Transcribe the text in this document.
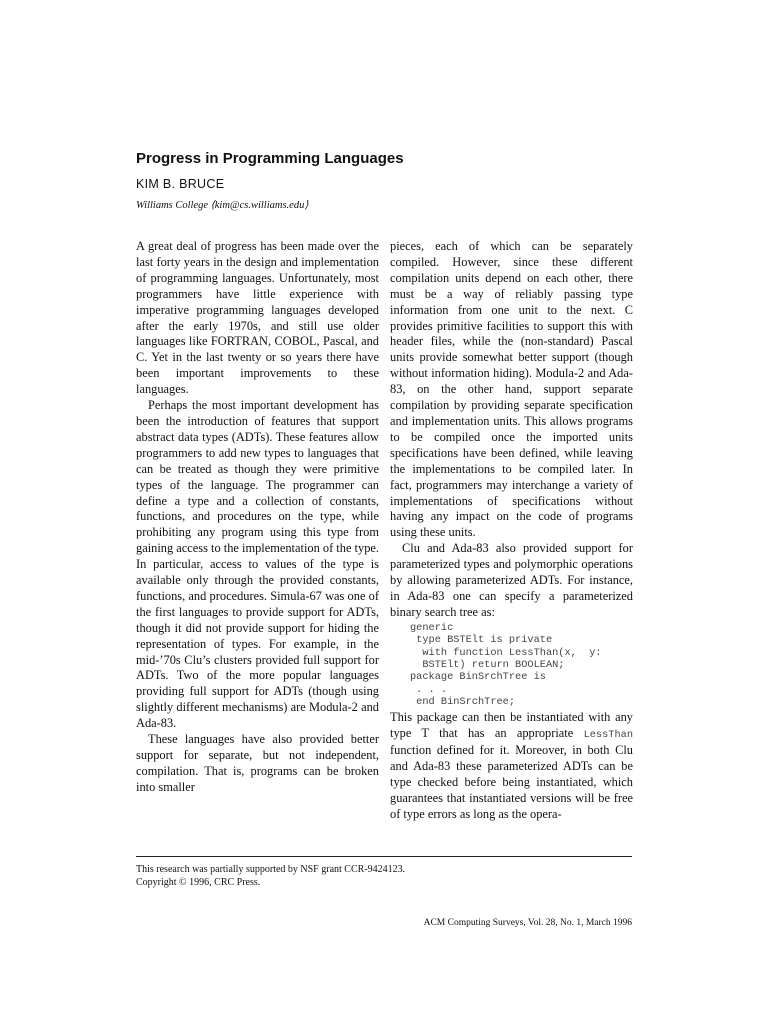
Progress in Programming Languages
KIM B. BRUCE
Williams College ⟨kim@cs.williams.edu⟩

A great deal of progress has been made over the last forty years in the design and implementation of programming languages. Unfortunately, most programmers have little experience with imperative programming languages developed after the early 1970s, and still use older languages like FORTRAN, COBOL, Pascal, and C. Yet in the last twenty or so years there have been important improvements to these languages.

Perhaps the most important development has been the introduction of features that support abstract data types (ADTs). These features allow programmers to add new types to languages that can be treated as though they were primitive types of the language. The programmer can define a type and a collection of constants, functions, and procedures on the type, while prohibiting any program using this type from gaining access to the implementation of the type. In particular, access to values of the type is available only through the provided constants, functions, and procedures. Simula-67 was one of the first languages to provide support for ADTs, though it did not provide support for hiding the representation of types. For example, in the mid-’70s Clu’s clusters provided full support for ADTs. Two of the more popular languages providing full support for ADTs (though using slightly different mechanisms) are Modula-2 and Ada-83.

These languages have also provided better support for separate, but not independent, compilation. That is, programs can be broken into smaller

pieces, each of which can be separately compiled. However, since these different compilation units depend on each other, there must be a way of reliably passing type information from one unit to the next. C provides primitive facilities to support this with header files, while the (non-standard) Pascal units provide somewhat better support (though without information hiding). Modula-2 and Ada-83, on the other hand, support separate compilation by providing separate specification and implementation units. This allows programs to be compiled once the imported units specifications have been defined, while leaving the implementations to be compiled later. In fact, programmers may interchange a variety of implementations of specifications without having any impact on the code of programs using these units.

Clu and Ada-83 also provided support for parameterized types and polymorphic operations by allowing parameterized ADTs. For instance, in Ada-83 one can specify a parameterized binary search tree as:

generic
type BSTElt is private
with function LessThan(x,  y:
BSTElt) return BOOLEAN;
package BinSrchTree is
. . .
end BinSrchTree;

This package can then be instantiated with any type T that has an appropriate LessThan function defined for it. Moreover, in both Clu and Ada-83 these parameterized ADTs can be type checked before being instantiated, which guarantees that instantiated versions will be free of type errors as long as the opera-

This research was partially supported by NSF grant CCR-9424123.
Copyright © 1996, CRC Press.
ACM Computing Surveys, Vol. 28, No. 1, March 1996
